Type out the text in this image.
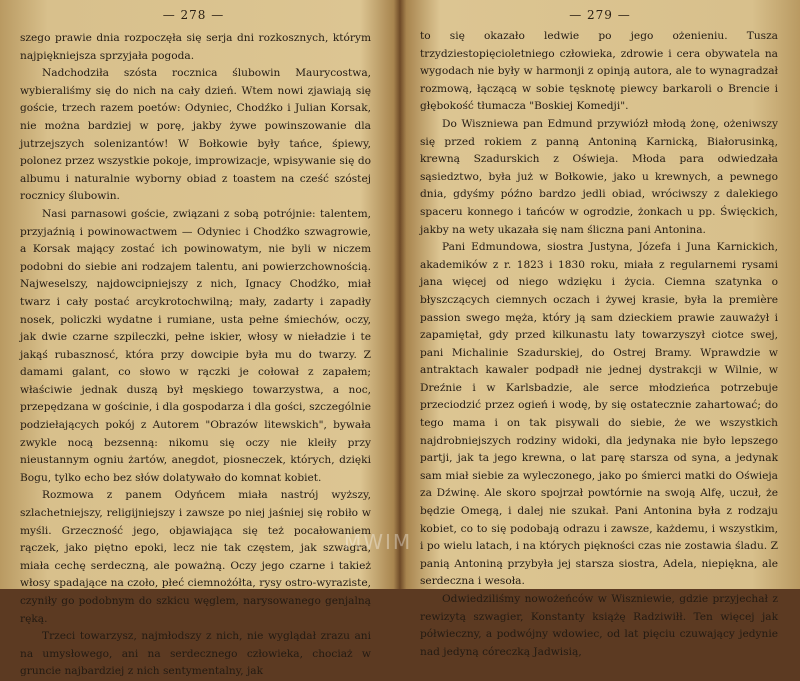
— 278 —

szego prawie dnia rozpoczęła się serja dni rozkosznych, którym najpiękniejsza sprzyjała pogoda.

Nadchodziła szósta rocznica ślubowin Maurycostwa, wybieraliśmy się do nich na cały dzień. Wtem nowi zjawiają się goście, trzech razem poetów: Odyniec, Chodźko i Julian Korsak, nie można bardziej w porę, jakby żywe powinszowanie dla jutrzejszych solenizantów! W Bołkowie były tańce, śpiewy, polonez przez wszystkie pokoje, improwizacje, wpisywanie się do albumu i naturalnie wyborny obiad z toastem na cześć szóstej rocznicy ślubowin.

Nasi parnasowi goście, związani z sobą potrójnie: talentem, przyjaźnią i powinowactwem — Odyniec i Chodźko szwagrowie, a Korsak mający zostać ich powinowatym, nie byli w niczem podobni do siebie ani rodzajem talentu, ani powierzchownością. Najweselszy, najdowcipniejszy z nich, Ignacy Chodźko, miał twarz i cały postać arcykrotochwilną; mały, zadarty i zapadły nosek, policzki wydatne i rumiane, usta pełne śmiechów, oczy, jak dwie czarne szpileczki, pełne iskier, włosy w nieładzie i te jakąś rubasznosć, która przy dowcipie była mu do twarzy. Z damami galant, co słowo w rączki je cołował z zapałem; właściwie jednak duszą był męskiego towarzystwa, a noc, przepędzana w gościnie, i dla gospodarza i dla gości, szczególnie podziełających pokój z Autorem "Obrazów litewskich", bywała zwykle nocą bezsenną: nikomu się oczy nie kleiły przy nieustannym ogniu żartów, anegdot, piosneczek, których, dzięki Bogu, tylko echo bez słów dolatywało do komnat kobiet.

Rozmowa z panem Odyńcem miała nastrój wyższy, szlachetniejszy, religijniejszy i zawsze po niej jaśniej się robiło w myśli. Grzeczność jego, objawiająca się też pocałowaniem rączek, jako piętno epoki, lecz nie tak częstem, jak szwagra, miała cechę serdeczną, ale poważną. Oczy jego czarne i takież włosy spadające na czoło, płeć ciemnożółta, rysy ostro-wyraziste, czyniły go podobnym do szkicu węglem, narysowanego genjalną ręką.

Trzeci towarzysz, najmłodszy z nich, nie wyglądał zrazu ani na umysłowego, ani na serdecznego człowieka, chociaż w gruncie najbardziej z nich sentymentalny, jak

— 279 —

to się okazało ledwie po jego ożenieniu. Tusza trzydziestopięcioletniego człowieka, zdrowie i cera obywatela na wygodach nie były w harmonji z opinją autora, ale to wynagradzał rozmową, łączącą w sobie tęsknotę piewcy barkaroli o Brencie i głębokość tłumacza "Boskiej Komedji".

Do Wiszniewa pan Edmund przywiózł młodą żonę, ożeniwszy się przed rokiem z panną Antoniną Karnicką, Białorusinką, krewną Szadurskich z Oświeja. Młoda para odwiedzała sąsiedztwo, była już w Bołkowie, jako u krewnych, a pewnego dnia, gdyśmy późno bardzo jedli obiad, wróciwszy z dalekiego spaceru konnego i tańców w ogrodzie, żonkach u pp. Święckich, jakby na wety ukazała się nam śliczna pani Antonina.

Pani Edmundowa, siostra Justyna, Józefa i Juna Karnickich, akademików z r. 1823 i 1830 roku, miała z regularnemi rysami jana więcej od niego wdzięku i życia. Ciemna szatynka o błyszczących ciemnych oczach i żywej krasie, była la première passion swego męża, który ją sam dzieckiem prawie zauważył i zapamiętał, gdy przed kilkunastu laty towarzyszył ciotce swej, pani Michalinie Szadurskiej, do Ostrej Bramy. Wprawdzie w antraktach kawaler podpadł nie jednej dystrakcji w Wilnie, w Dreźnie i w Karlsbadzie, ale serce młodzieńca potrzebuje przeciodzić przez ogień i wodę, by się ostatecznie zahartować; do tego mama i on tak pisywali do siebie, że we wszystkich najdrobniejszych rodziny widoki, dla jedynaka nie było lepszego partji, jak ta jego krewna, o lat parę starsza od syna, a jedynak sam miał siebie za wyleczonego, jako po śmierci matki do Oświeja za Dźwinę. Ale skoro spojrzał powtórnie na swoją Alfę, uczuł, że będzie Omegą, i dalej nie szukał. Pani Antonina była z rodzaju kobiet, co to się podobają odrazu i zawsze, każdemu, i wszystkim, i po wielu latach, i na których piękności czas nie zostawia śladu. Z panią Antoniną przybyła jej starsza siostra, Adela, niepiękna, ale serdeczna i wesoła.

Odwiedziliśmy nowożeńców w Wiszniewie, gdzie przyjechał z rewizytą szwagier, Konstanty książę Radziwiłł. Ten więcej jak półwieczny, a podwójny wdowiec, od lat pięciu czuwający jedynie nad jedyną córeczką Jadwisią,

MWIM
